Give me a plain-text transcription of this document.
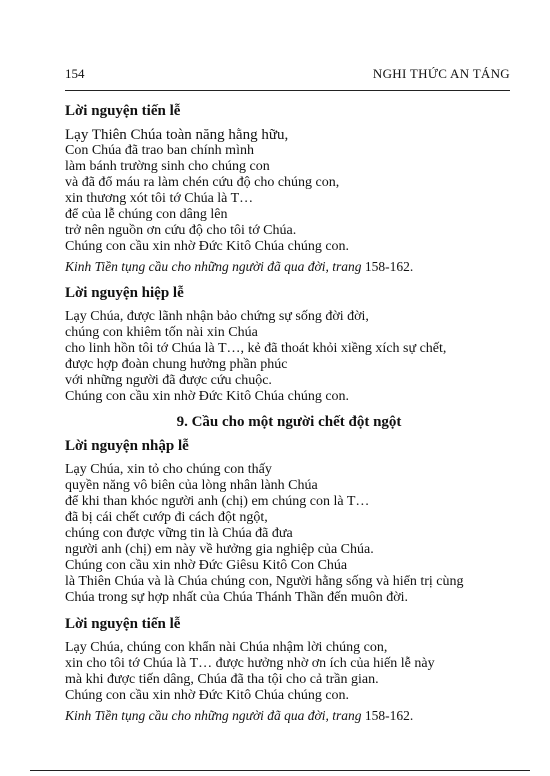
154	NGHI THỨC AN TÁNG

Lời nguyện tiến lễ

Lạy Thiên Chúa toàn năng hằng hữu,

Con Chúa đã trao ban chính mình

làm bánh trường sinh cho chúng con

và đã đổ máu ra làm chén cứu độ cho chúng con,

xin thương xót tôi tớ Chúa là T…

để của lễ chúng con dâng lên

trở nên nguồn ơn cứu độ cho tôi tớ Chúa.

Chúng con cầu xin nhờ Đức Kitô Chúa chúng con.

Kinh Tiền tụng cầu cho những người đã qua đời, trang 158-162.

Lời nguyện hiệp lễ

Lạy Chúa, được lãnh nhận bảo chứng sự sống đời đời,

chúng con khiêm tốn nài xin Chúa

cho linh hồn tôi tớ Chúa là T…, kẻ đã thoát khỏi xiềng xích sự chết,

được hợp đoàn chung hưởng phần phúc

với những người đã được cứu chuộc.

Chúng con cầu xin nhờ Đức Kitô Chúa chúng con.

9. Cầu cho một người chết đột ngột

Lời nguyện nhập lễ

Lạy Chúa, xin tỏ cho chúng con thấy

quyền năng vô biên của lòng nhân lành Chúa

để khi than khóc người anh (chị) em chúng con là T…

đã bị cái chết cướp đi cách đột ngột,

chúng con được vững tin là Chúa đã đưa

người anh (chị) em này về hưởng gia nghiệp của Chúa.

Chúng con cầu xin nhờ Đức Giêsu Kitô Con Chúa

là Thiên Chúa và là Chúa chúng con, Người hằng sống và hiển trị cùng

Chúa trong sự hợp nhất của Chúa Thánh Thần đến muôn đời.

Lời nguyện tiến lễ

Lạy Chúa, chúng con khẩn nài Chúa nhậm lời chúng con,

xin cho tôi tớ Chúa là T… được hưởng nhờ ơn ích của hiến lễ này

mà khi được tiến dâng, Chúa đã tha tội cho cả trần gian.

Chúng con cầu xin nhờ Đức Kitô Chúa chúng con.

Kinh Tiền tụng cầu cho những người đã qua đời, trang 158-162.
